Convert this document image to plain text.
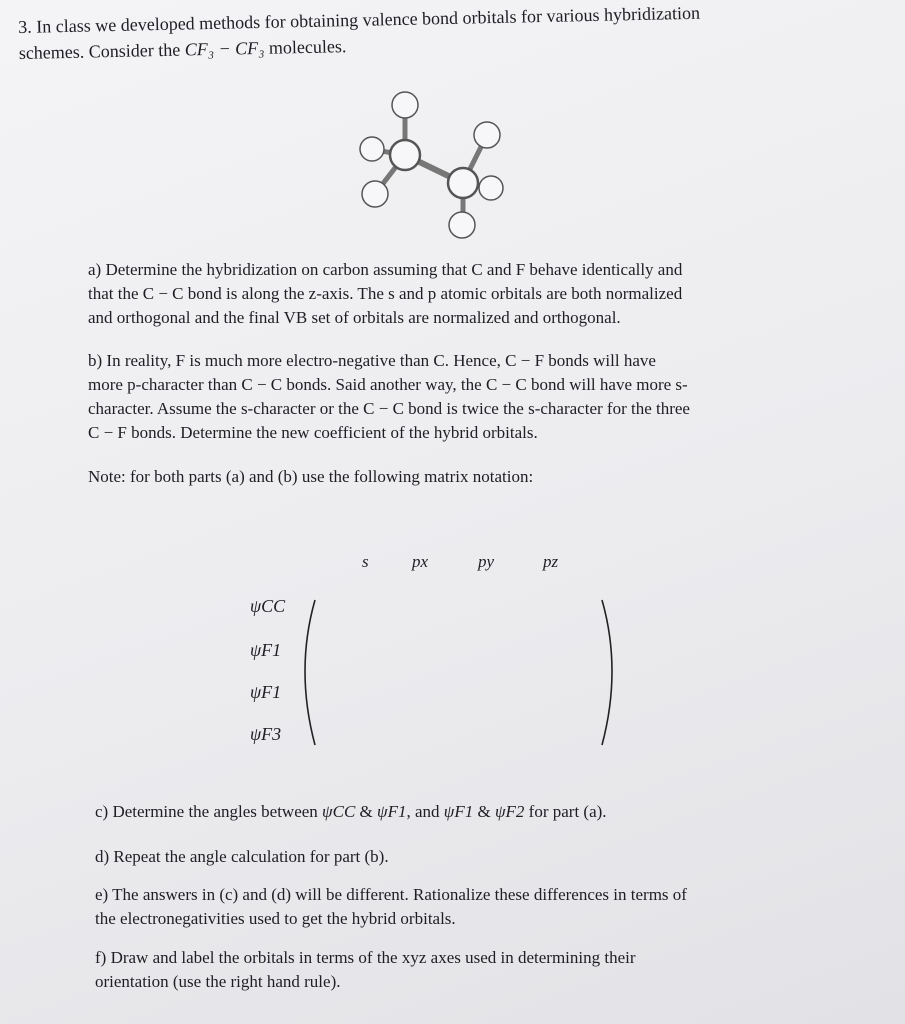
3. In class we developed methods for obtaining valence bond orbitals for various hybridization
schemes. Consider the CF₃ − CF₃ molecules.
a) Determine the hybridization on carbon assuming that C and F behave identically and
that the C − C bond is along the z-axis. The s and p atomic orbitals are both normalized
and orthogonal and the final VB set of orbitals are normalized and orthogonal.
b) In reality, F is much more electro-negative than C. Hence, C − F bonds will have
more p-character than C − C bonds. Said another way, the C − C bond will have more s-
character. Assume the s-character or the C − C bond is twice the s-character for the three
C − F bonds. Determine the new coefficient of the hybrid orbitals.
Note: for both parts (a) and (b) use the following matrix notation:
s	px	py	pz
ψCC
ψF1
ψF1
ψF3
c) Determine the angles between ψCC & ψF1, and ψF1 & ψF2 for part (a).
d) Repeat the angle calculation for part (b).
e) The answers in (c) and (d) will be different. Rationalize these differences in terms of
the electronegativities used to get the hybrid orbitals.
f) Draw and label the orbitals in terms of the xyz axes used in determining their
orientation (use the right hand rule).
